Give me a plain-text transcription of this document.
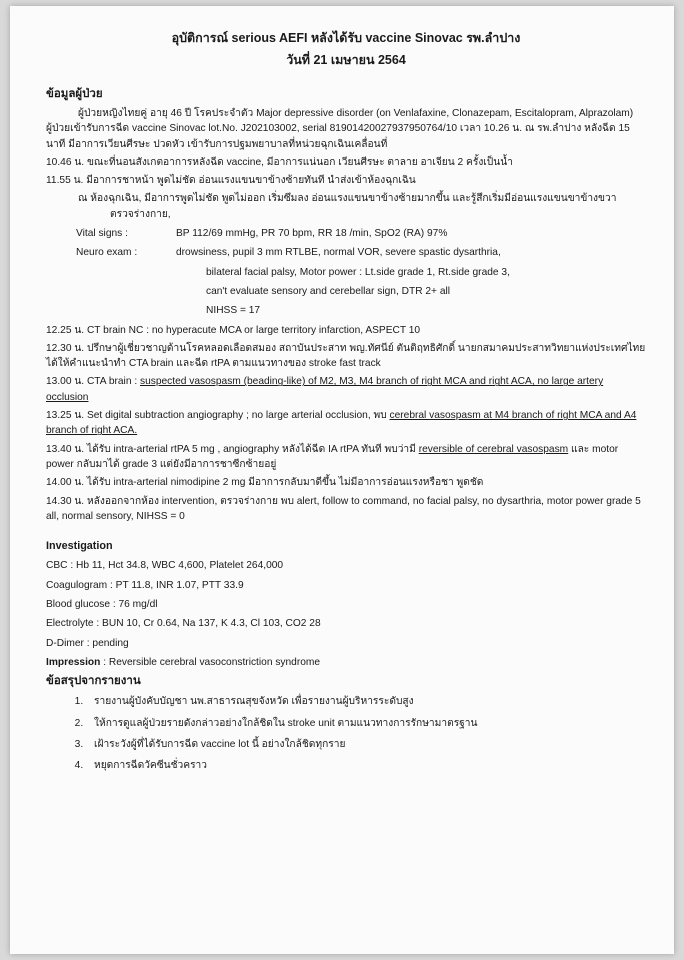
อุบัติการณ์ serious AEFI หลังได้รับ vaccine Sinovac รพ.ลำปาง
วันที่ 21 เมษายน 2564
ข้อมูลผู้ป่วย

ผู้ป่วยหญิงไทยคู่ อายุ 46 ปี โรคประจำตัว Major depressive disorder (on Venlafaxine, Clonazepam, Escitalopram, Alprazolam)

ผู้ป่วยเข้ารับการฉีด vaccine Sinovac lot.No. J202103002, serial 8190142002793795076​4/10 เวลา 10.26 น. ณ รพ.ลำปาง หลังฉีด 15 นาที มีอาการเวียนศีรษะ ปวดหัว เข้ารับการปฐมพยาบาลที่หน่วยฉุกเฉินเคลื่อนที่

10.46 น. ขณะที่นอนสังเกตอาการหลังฉีด vaccine, มีอาการแน่นอก เวียนศีรษะ ตาลาย อาเจียน 2 ครั้งเป็นน้ำ

11.55 น. มีอาการชาหน้า พูดไม่ชัด อ่อนแรงแขนขาข้างซ้ายทันที นำส่งเข้าห้องฉุกเฉิน

ณ ห้องฉุกเฉิน, มีอาการพูดไม่ชัด พูดไม่ออก เริ่มซึมลง อ่อนแรงแขนขาข้างซ้ายมากขึ้น และรู้สึกเริ่มมีอ่อนแรงแขนขาข้างขวา

ตรวจร่างกาย,

Vital signs :	BP 112/69 mmHg, PR 70 bpm, RR 18 /min, SpO2 (RA) 97%
Neuro exam :	drowsiness, pupil 3 mm RTLBE, normal VOR, severe spastic dysarthria,
bilateral facial palsy, Motor power : Lt.side grade 1, Rt.side grade 3,
can't evaluate sensory and cerebellar sign, DTR 2+ all
NIHSS = 17

12.25 น. CT brain NC : no hyperacute MCA or large territory infarction, ASPECT 10

12.30 น. ปรึกษาผู้เชี่ยวชาญด้านโรคหลอดเลือดสมอง สถาบันประสาท พญ.ทัศนีย์ ตันติฤทธิศักดิ์ นายกสมาคมประสาทวิทยาแห่งประเทศไทย ได้ให้คำแนะนำทำ CTA brain และฉีด rtPA ตามแนวทางของ stroke fast track

13.00 น. CTA brain : suspected vasospasm (beading-like) of M2, M3, M4 branch of right MCA and right ACA, no large artery occlusion

13.25 น. Set digital subtraction angiography ; no large arterial occlusion, พบ cerebral vasospasm at M4 branch of right MCA and A4 branch of right ACA.

13.40 น. ได้รับ intra-arterial rtPA 5 mg , angiography หลังได้ฉีด IA rtPA ทันที พบว่ามี reversible of cerebral vasospasm และ motor power กลับมาได้ grade 3 แต่ยังมีอาการชาซีกซ้ายอยู่

14.00 น. ได้รับ intra-arterial nimodipine 2 mg มีอาการกลับมาดีขึ้น ไม่มีอาการอ่อนแรงหรือชา พูดชัด

14.30 น. หลังออกจากห้อง intervention, ตรวจร่างกาย พบ alert, follow to command, no facial palsy, no dysarthria, motor power grade 5 all, normal sensory, NIHSS = 0

Investigation

CBC : Hb 11, Hct 34.8, WBC 4,600, Platelet 264,000

Coagulogram : PT 11.8, INR 1.07, PTT 33.9

Blood glucose : 76 mg/dl

Electrolyte : BUN 10, Cr 0.64, Na 137, K 4.3, Cl 103, CO2 28

D-Dimer : pending

Impression : Reversible cerebral vasoconstriction syndrome

ข้อสรุปจากรายงาน
1. รายงานผู้บังคับบัญชา นพ.สาธารณสุขจังหวัด เพื่อรายงานผู้บริหารระดับสูง
2. ให้การดูแลผู้ป่วยรายดังกล่าวอย่างใกล้ชิดใน stroke unit ตามแนวทางการรักษามาตรฐาน
3. เฝ้าระวังผู้ที่ได้รับการฉีด vaccine lot นี้ อย่างใกล้ชิดทุกราย
4. หยุดการฉีดวัคซีนชั่วคราว
